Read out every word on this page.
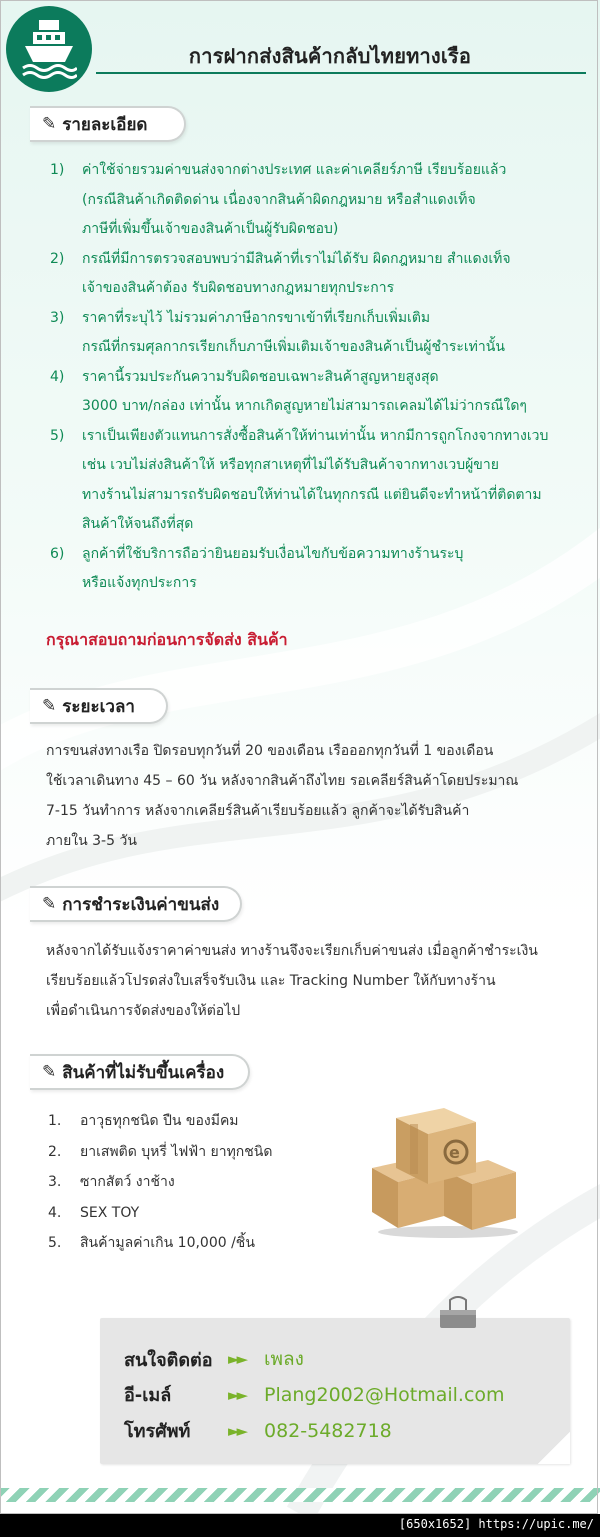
การฝากส่งสินค้ากลับไทยทางเรือ
✎ รายละเอียด
1) ค่าใช้จ่ายรวมค่าขนส่งจากต่างประเทศ และค่าเคลียร์ภาษี เรียบร้อยแล้ว
(กรณีสินค้าเกิดติดด่าน เนื่องจากสินค้าผิดกฎหมาย หรือสำแดงเท็จ
ภาษีที่เพิ่มขึ้นเจ้าของสินค้าเป็นผู้รับผิดชอบ)
2) กรณีที่มีการตรวจสอบพบว่ามีสินค้าที่เราไม่ได้รับ ผิดกฎหมาย สำแดงเท็จ
เจ้าของสินค้าต้อง รับผิดชอบทางกฎหมายทุกประการ
3) ราคาที่ระบุไว้ ไม่รวมค่าภาษีอากรขาเข้าที่เรียกเก็บเพิ่มเติม
กรณีที่กรมศุลกากรเรียกเก็บภาษีเพิ่มเติมเจ้าของสินค้าเป็นผู้ชำระเท่านั้น
4) ราคานี้รวมประกันความรับผิดชอบเฉพาะสินค้าสูญหายสูงสุด
3000 บาท/กล่อง เท่านั้น หากเกิดสูญหายไม่สามารถเคลมได้ไม่ว่ากรณีใดๆ
5) เราเป็นเพียงตัวแทนการสั่งซื้อสินค้าให้ท่านเท่านั้น หากมีการถูกโกงจากทางเวบ
เช่น เวบไม่ส่งสินค้าให้ หรือทุกสาเหตุที่ไม่ได้รับสินค้าจากทางเวบผู้ขาย
ทางร้านไม่สามารถรับผิดชอบให้ท่านได้ในทุกกรณี แต่ยินดีจะทำหน้าที่ติดตาม
สินค้าให้จนถึงที่สุด
6) ลูกค้าที่ใช้บริการถือว่ายินยอมรับเงื่อนไขกับข้อความทางร้านระบุ
หรือแจ้งทุกประการ
กรุณาสอบถามก่อนการจัดส่ง สินค้า
✎ ระยะเวลา
การขนส่งทางเรือ ปิดรอบทุกวันที่ 20 ของเดือน เรือออกทุกวันที่ 1 ของเดือน
ใช้เวลาเดินทาง 45 – 60 วัน หลังจากสินค้าถึงไทย รอเคลียร์สินค้าโดยประมาณ
7-15 วันทำการ หลังจากเคลียร์สินค้าเรียบร้อยแล้ว ลูกค้าจะได้รับสินค้า
ภายใน 3-5 วัน
✎ การชำระเงินค่าขนส่ง
หลังจากได้รับแจ้งราคาค่าขนส่ง ทางร้านจึงจะเรียกเก็บค่าขนส่ง เมื่อลูกค้าชำระเงิน
เรียบร้อยแล้วโปรดส่งใบเสร็จรับเงิน และ Tracking Number ให้กับทางร้าน
เพื่อดำเนินการจัดส่งของให้ต่อไป
✎ สินค้าที่ไม่รับขึ้นเครื่อง
1. อาวุธทุกชนิด ปืน ของมีคม
2. ยาเสพติด บุหรี่ ไฟฟ้า ยาทุกชนิด
3. ซากสัตว์ งาช้าง
4. SEX TOY
5. สินค้ามูลค่าเกิน 10,000 /ชิ้น
e
สนใจติดต่อ	►► เพลง
อี-เมล์	►► Plang2002@Hotmail.com
โทรศัพท์	►► 082-5482718
[650x1652] https://upic.me/
